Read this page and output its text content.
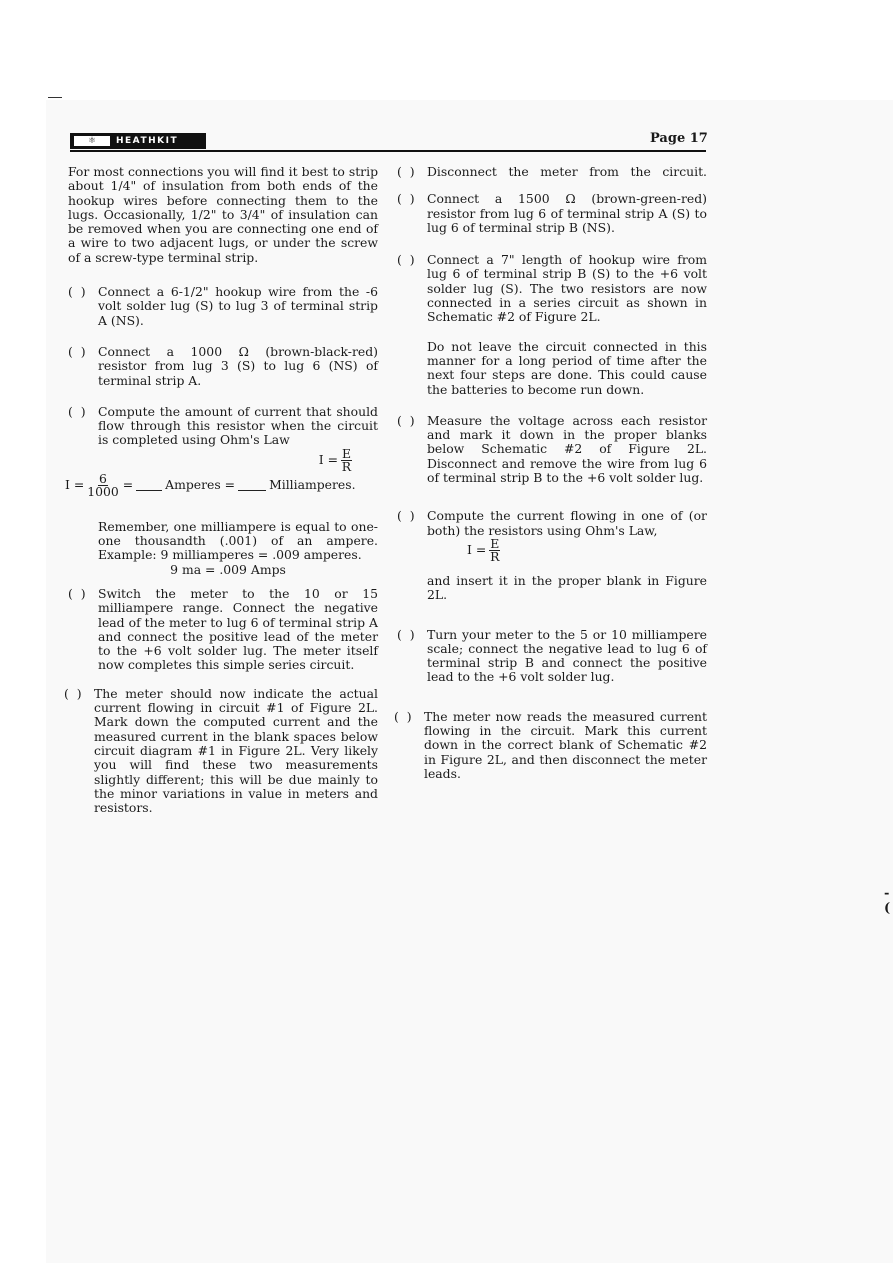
⚛	HEATHKIT	Page 17

For most connections you will find it best to strip about 1/4" of insulation from both ends of the hookup wires before connecting them to the lugs. Occasionally, 1/2" to 3/4" of insulation can be removed when you are connecting one end of a wire to two adjacent lugs, or under the screw of a screw-type terminal strip.

(  )	Connect a 6-1/2" hookup wire from the -6 volt solder lug (S) to lug 3 of terminal strip A (NS).
(  )	Connect a 1000 Ω (brown-black-red) resistor from lug 3 (S) to lug 6 (NS) of terminal strip A.
(  )	Compute the amount of current that should flow through this resistor when the circuit is completed using Ohm's Law
$I = \frac{E}{R}$
$I = \frac{6}{1000}$ =	Amperes =	Milliamperes.
Remember, one milliampere is equal to one-one thousandth (.001) of an ampere. Example: 9 milliamperes = .009 amperes.
9 ma = .009 Amps
(  )	Switch the meter to the 10 or 15 milliampere range. Connect the negative lead of the meter to lug 6 of terminal strip A and connect the positive lead of the meter to the +6 volt solder lug. The meter itself now completes this simple series circuit.
(  )	The meter should now indicate the actual current flowing in circuit #1 of Figure 2L. Mark down the computed current and the measured current in the blank spaces below circuit diagram #1 in Figure 2L. Very likely you will find these two measurements slightly different; this will be due mainly to the minor variations in value in meters and resistors.
(  )	Disconnect the meter from the circuit.
(  )	Connect a 1500 Ω (brown-green-red) resistor from lug 6 of terminal strip A (S) to lug 6 of terminal strip B (NS).
(  )	Connect a 7" length of hookup wire from lug 6 of terminal strip B (S) to the +6 volt solder lug (S). The two resistors are now connected in a series circuit as shown in Schematic #2 of Figure 2L.
Do not leave the circuit connected in this manner for a long period of time after the next four steps are done. This could cause the batteries to become run down.
(  )	Measure the voltage across each resistor and mark it down in the proper blanks below Schematic #2 of Figure 2L. Disconnect and remove the wire from lug 6 of terminal strip B to the +6 volt solder lug.
(  )	Compute the current flowing in one of (or both) the resistors using Ohm's Law,
$I = \frac{E}{R}$
and insert it in the proper blank in Figure 2L.
(  )	Turn your meter to the 5 or 10 milliampere scale; connect the negative lead to lug 6 of terminal strip B and connect the positive lead to the +6 volt solder lug.
(  )	The meter now reads the measured current flowing in the circuit. Mark this current down in the correct blank of Schematic #2 in Figure 2L, and then disconnect the meter leads.
-(
